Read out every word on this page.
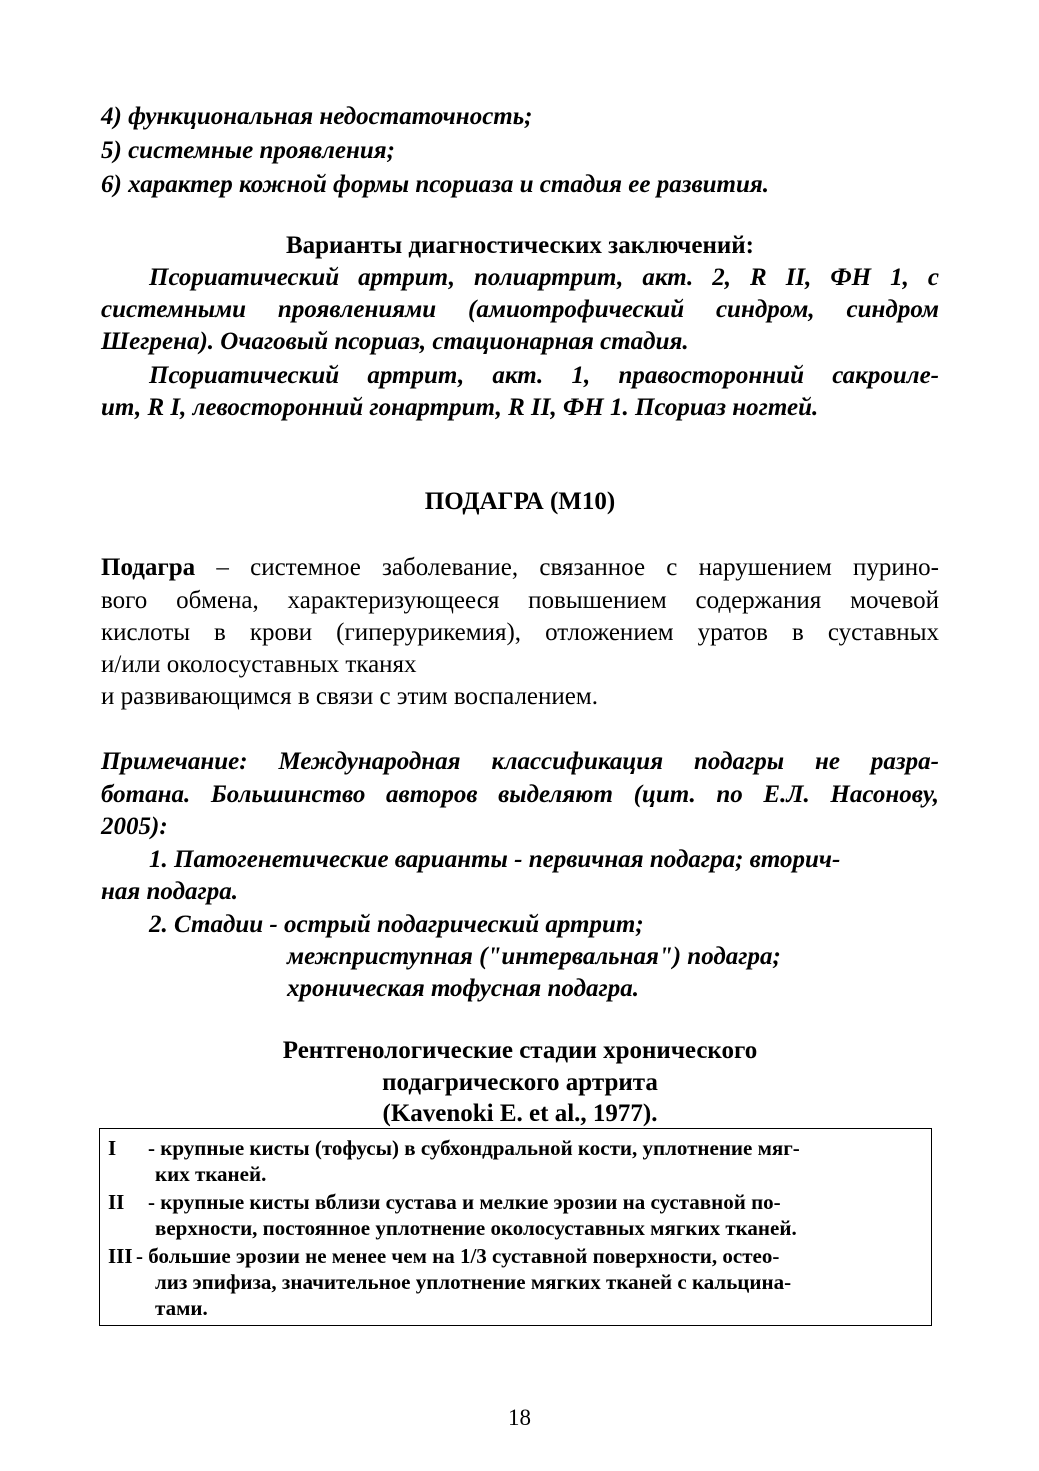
4) функциональная недостаточность;
5) системные проявления;
6) характер кожной формы псориаза и стадия ее развития.
Варианты диагностических заключений:
Псориатический артрит, полиартрит, акт. 2, R II, ФН 1, с
системными проявлениями (амиотрофический синдром, синдром
Шегрена). Очаговый псориаз, стационарная стадия.
Псориатический артрит, акт. 1, правосторонний сакроиле-
ит, R I, левосторонний гонартрит, R II, ФН 1. Псориаз ногтей.
ПОДАГРА (М10)
Подагра – системное заболевание, связанное с нарушением пурино-
вого обмена, характеризующееся повышением содержания мочевой
кислоты в крови (гиперурикемия), отложением уратов в суставных
и/или околосуставных тканях
и развивающимся в связи с этим воспалением.
Примечание: Международная классификация подагры не разра-
ботана. Большинство авторов выделяют (цит. по Е.Л. Насонову,
2005):
1. Патогенетические варианты - первичная подагра; вторич-
ная подагра.
2. Стадии - острый подагрический артрит;
межприступная ("интервальная") подагра;
хроническая тофусная подагра.
Рентгенологические стадии хронического
подагрического артрита
(Kavenoki E. et al., 1977).
I - крупные кисты (тофусы) в субхондральной кости, уплотнение мяг-
ких тканей.
II - крупные кисты вблизи сустава и мелкие эрозии на суставной по-
верхности, постоянное уплотнение околосуставных мягких тканей.
III - большие эрозии не менее чем на 1/3 суставной поверхности, остео-
лиз эпифиза, значительное уплотнение мягких тканей с кальцина-
тами.
18
